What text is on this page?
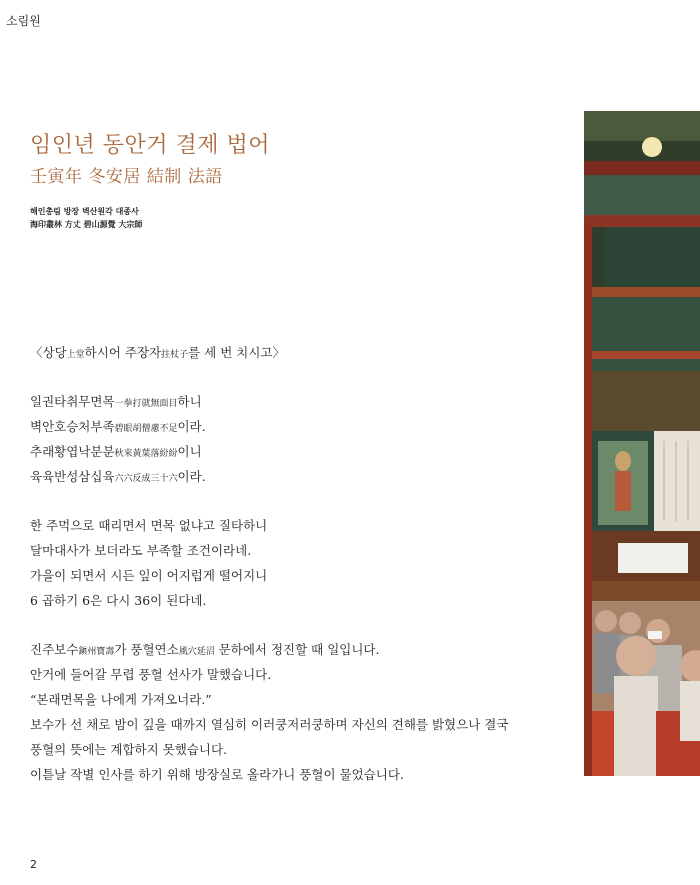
소림원
임인년 동안거 결제 법어
壬寅年 冬安居 結制 法語
해인총림 방장 벽산원각 대종사
海印叢林 方丈 碧山源覺 大宗師
〈상당上堂하시어 주장자拄杖子를 세 번 치시고〉
일권타취무면목一拳打就無面目하니
벽안호승처부족碧眼胡僧慮不足이라.
추래황엽낙분분秋來黃葉落紛紛이니
육육반성삼십육六六反成三十六이라.
한 주먹으로 때리면서 면목 없냐고 질타하니
달마대사가 보더라도 부족할 조건이라네.
가을이 되면서 시든 잎이 어지럽게 떨어지니
6 곱하기 6은 다시 36이 된다네.
진주보수鎭州寶壽가 풍혈연소風穴延沼 문하에서 정진할 때 일입니다.
안거에 들어갈 무렵 풍혈 선사가 말했습니다.
“본래면목을 나에게 가져오너라.”
보수가 선 채로 밤이 깊을 때까지 열심히 이러쿵저러쿵하며 자신의 견해를 밝혔으나 결국
풍혈의 뜻에는 계합하지 못했습니다.
이튿날 작별 인사를 하기 위해 방장실로 올라가니 풍혈이 물었습니다.
2
